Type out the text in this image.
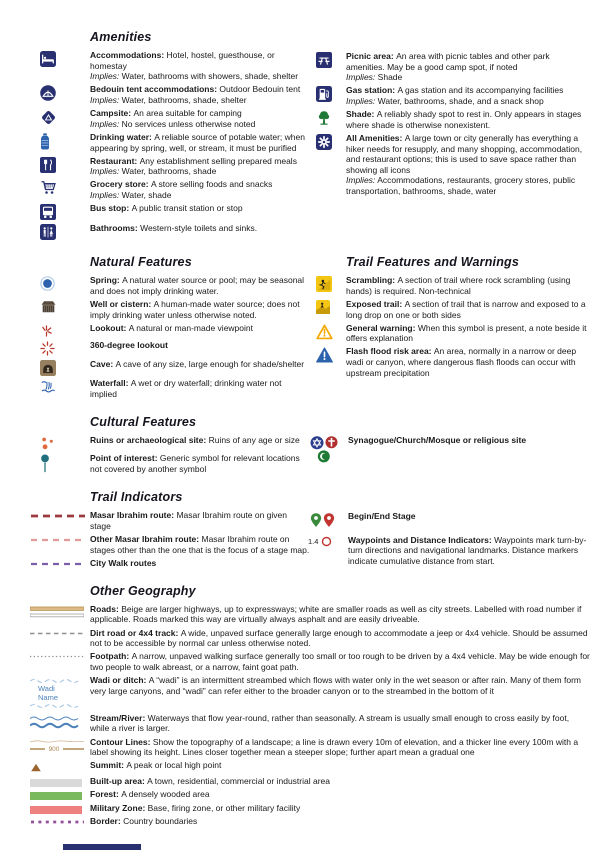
Amenities
Accommodations: Hotel, hostel, guesthouse, or homestay
Implies: Water, bathrooms with showers, shade, shelter
Bedouin tent accommodations: Outdoor Bedouin tent
Implies: Water, bathrooms, shade, shelter
Campsite: An area suitable for camping
Implies: No services unless otherwise noted
Drinking water: A reliable source of potable water; when appearing by spring, well, or stream, it must be purified
Restaurant: Any establishment selling prepared meals
Implies: Water, bathrooms, shade
Grocery store: A store selling foods and snacks
Implies: Water, shade
Bus stop: A public transit station or stop
Bathrooms: Western-style toilets and sinks.
Picnic area: An area with picnic tables and other park amenities. May be a good camp spot, if noted
Implies: Shade
Gas station: A gas station and its accompanying facilities
Implies: Water, bathrooms, shade, and a snack shop
Shade: A reliably shady spot to rest in. Only appears in stages where shade is otherwise nonexistent.
All Amenities: A large town or city generally has everything a hiker needs for resupply, and many shopping, accommodation, and restaurant options; this is used to save space rather than showing all icons
Implies: Accommodations, restaurants, grocery stores, public transportation, bathrooms, shade, water
Natural Features
Spring: A natural water source or pool; may be seasonal and does not imply drinking water.
Well or cistern: A human-made water source; does not imply drinking water unless otherwise noted.
Lookout: A natural or man-made viewpoint
360-degree lookout
Cave: A cave of any size, large enough for shade/shelter
Waterfall: A wet or dry waterfall; drinking water not implied
Trail Features and Warnings
Scrambling: A section of trail where rock scrambling (using hands) is required. Non-technical
Exposed trail: A section of trail that is narrow and exposed to a long drop on one or both sides
General warning: When this symbol is present, a note beside it offers explanation
Flash flood risk area: An area, normally in a narrow or deep wadi or canyon, where dangerous flash floods can occur with upstream precipitation
Cultural Features
Ruins or archaeological site: Ruins of any age or size
Point of interest: Generic symbol for relevant locations not covered by another symbol
Synagogue/Church/Mosque or religious site
Trail Indicators
Masar Ibrahim route: Masar Ibrahim route on given stage
Other Masar Ibrahim route: Masar Ibrahim route on stages other than the one that is the focus of a stage map.
City Walk routes
Begin/End Stage
1.4	Waypoints and Distance Indicators: Waypoints mark turn-by-turn directions and navigational landmarks. Distance markers indicate cumulative distance from start.
Other Geography
Roads: Beige are larger highways, up to expressways; white are smaller roads as well as city streets. Labelled with road number if applicable. Roads marked this way are virtually always asphalt and are easily driveable.
Dirt road or 4x4 track: A wide, unpaved surface generally large enough to accommodate a jeep or 4x4 vehicle. Should be assumed not to be accessible by normal car unless otherwise noted.
Footpath: A narrow, unpaved walking surface generally too small or too rough to be driven by a 4x4 vehicle. May be wide enough for two people to walk abreast, or a narrow, faint goat path.
Wadi
Name
Wadi or ditch: A “wadi” is an intermittent streambed which flows with water only in the wet season or after rain. Many of them form very large canyons, and “wadi” can refer either to the broader canyon or to the streambed in the bottom of it
Stream/River: Waterways that flow year-round, rather than seasonally. A stream is usually small enough to cross easily by foot, while a river is larger.
900
Contour Lines: Show the topography of a landscape; a line is drawn every 10m of elevation, and a thicker line every 100m with a label showing its height. Lines closer together mean a steeper slope; further apart mean a gradual one
Summit: A peak or local high point
Built-up area: A town, residential, commercial or industrial area
Forest: A densely wooded area
Military Zone: Base, firing zone, or other military facility
Border: Country boundaries
